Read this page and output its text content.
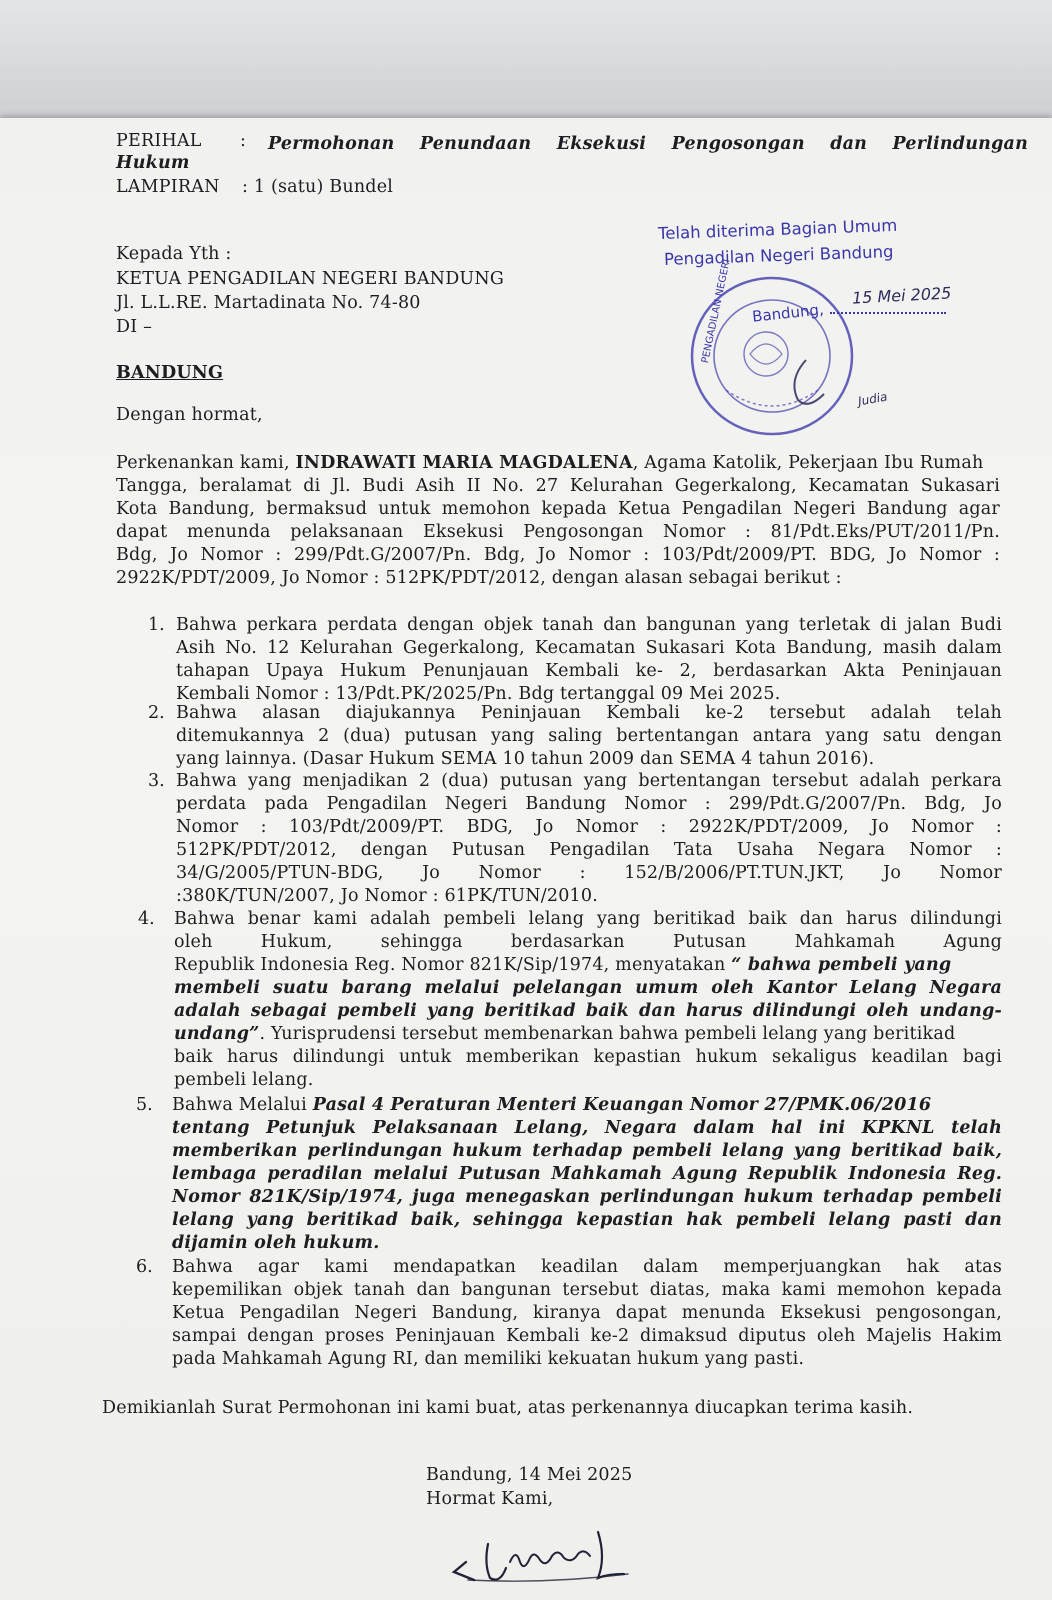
PERIHAL : Permohonan Penundaan Eksekusi Pengosongan dan Perlindungan
Hukum
LAMPIRAN : 1 (satu) Bundel
Kepada Yth :
KETUA PENGADILAN NEGERI BANDUNG
Jl. L.L.RE. Martadinata No. 74-80
DI –
BANDUNG
Telah diterima Bagian Umum
Pengadilan Negeri Bandung
PENGADILAN NEGERI Bandung,
15 Mei 2025
Judia
Dengan hormat,
Perkenankan kami, INDRAWATI MARIA MAGDALENA, Agama Katolik, Pekerjaan Ibu Rumah
Tangga, beralamat di Jl. Budi Asih II No. 27 Kelurahan Gegerkalong, Kecamatan Sukasari
Kota Bandung, bermaksud untuk memohon kepada Ketua Pengadilan Negeri Bandung agar
dapat menunda pelaksanaan Eksekusi Pengosongan Nomor : 81/Pdt.Eks/PUT/2011/Pn.
Bdg, Jo Nomor : 299/Pdt.G/2007/Pn. Bdg, Jo Nomor : 103/Pdt/2009/PT. BDG, Jo Nomor :
2922K/PDT/2009, Jo Nomor : 512PK/PDT/2012, dengan alasan sebagai berikut :
1. Bahwa perkara perdata dengan objek tanah dan bangunan yang terletak di jalan Budi
Asih No. 12 Kelurahan Gegerkalong, Kecamatan Sukasari Kota Bandung, masih dalam
tahapan Upaya Hukum Penunjauan Kembali ke- 2, berdasarkan Akta Peninjauan
Kembali Nomor : 13/Pdt.PK/2025/Pn. Bdg tertanggal 09 Mei 2025.
2. Bahwa alasan diajukannya Peninjauan Kembali ke-2 tersebut adalah telah
ditemukannya 2 (dua) putusan yang saling bertentangan antara yang satu dengan
yang lainnya. (Dasar Hukum SEMA 10 tahun 2009 dan SEMA 4 tahun 2016).
3. Bahwa yang menjadikan 2 (dua) putusan yang bertentangan tersebut adalah perkara
perdata pada Pengadilan Negeri Bandung Nomor : 299/Pdt.G/2007/Pn. Bdg, Jo
Nomor : 103/Pdt/2009/PT. BDG, Jo Nomor : 2922K/PDT/2009, Jo Nomor :
512PK/PDT/2012, dengan Putusan Pengadilan Tata Usaha Negara Nomor :
34/G/2005/PTUN-BDG, Jo Nomor : 152/B/2006/PT.TUN.JKT, Jo Nomor
:380K/TUN/2007, Jo Nomor : 61PK/TUN/2010.
4. Bahwa benar kami adalah pembeli lelang yang beritikad baik dan harus dilindungi
oleh Hukum, sehingga berdasarkan Putusan Mahkamah Agung
Republik Indonesia Reg. Nomor 821K/Sip/1974, menyatakan “ bahwa pembeli yang
membeli suatu barang melalui pelelangan umum oleh Kantor Lelang Negara
adalah sebagai pembeli yang beritikad baik dan harus dilindungi oleh undang-
undang”. Yurisprudensi tersebut membenarkan bahwa pembeli lelang yang beritikad
baik harus dilindungi untuk memberikan kepastian hukum sekaligus keadilan bagi
pembeli lelang.
5. Bahwa Melalui Pasal 4 Peraturan Menteri Keuangan Nomor 27/PMK.06/2016
tentang Petunjuk Pelaksanaan Lelang, Negara dalam hal ini KPKNL telah
memberikan perlindungan hukum terhadap pembeli lelang yang beritikad baik,
lembaga peradilan melalui Putusan Mahkamah Agung Republik Indonesia Reg.
Nomor 821K/Sip/1974, juga menegaskan perlindungan hukum terhadap pembeli
lelang yang beritikad baik, sehingga kepastian hak pembeli lelang pasti dan
dijamin oleh hukum.
6. Bahwa agar kami mendapatkan keadilan dalam memperjuangkan hak atas
kepemilikan objek tanah dan bangunan tersebut diatas, maka kami memohon kepada
Ketua Pengadilan Negeri Bandung, kiranya dapat menunda Eksekusi pengosongan,
sampai dengan proses Peninjauan Kembali ke-2 dimaksud diputus oleh Majelis Hakim
pada Mahkamah Agung RI, dan memiliki kekuatan hukum yang pasti.
Demikianlah Surat Permohonan ini kami buat, atas perkenannya diucapkan terima kasih.
Bandung, 14 Mei 2025
Hormat Kami,
